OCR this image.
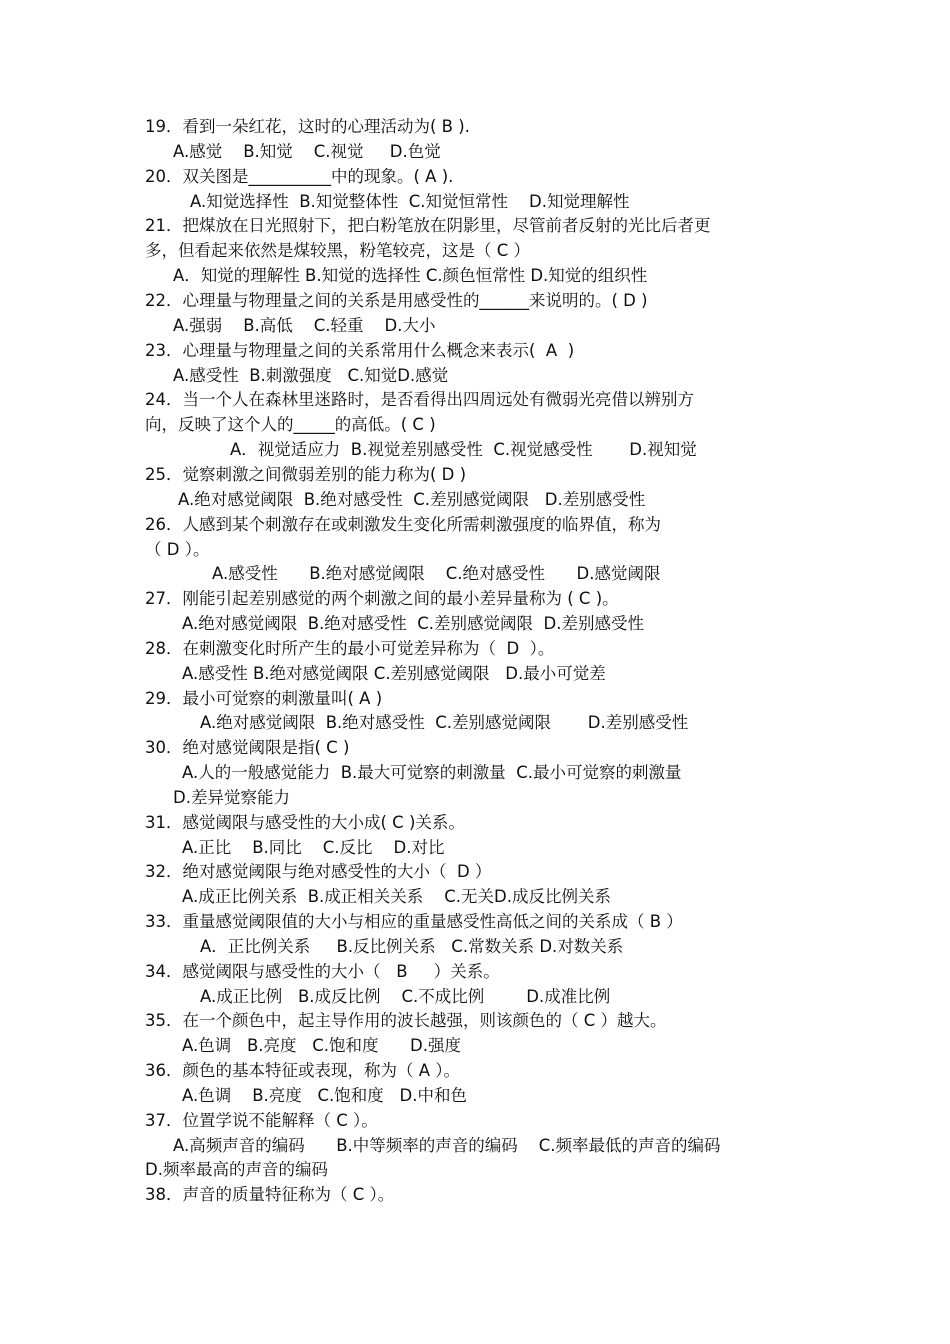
19．看到一朵红花，这时的心理活动为( B ).
A.感觉    B.知觉    C.视觉     D.色觉
20．双关图是__________中的现象。( A ).
A.知觉选择性  B.知觉整体性  C.知觉恒常性    D.知觉理解性
21．把煤放在日光照射下，把白粉笔放在阴影里，尽管前者反射的光比后者更
多，但看起来依然是煤较黑，粉笔较亮，这是（ C ）
A．知觉的理解性 B.知觉的选择性 C.颜色恒常性 D.知觉的组织性
22．心理量与物理量之间的关系是用感受性的______来说明的。( D )
A.强弱    B.高低    C.轻重    D.大小
23．心理量与物理量之间的关系常用什么概念来表示(  A  )
A.感受性  B.刺激强度   C.知觉D.感觉
24．当一个人在森林里迷路时，是否看得出四周远处有微弱光亮借以辨别方
向，反映了这个人的_____的高低。( C )
A．视觉适应力  B.视觉差别感受性  C.视觉感受性       D.视知觉
25．觉察刺激之间微弱差别的能力称为( D )
A.绝对感觉阈限  B.绝对感受性  C.差别感觉阈限   D.差别感受性
26．人感到某个刺激存在或刺激发生变化所需刺激强度的临界值，称为
（ D ）。
A.感受性      B.绝对感觉阈限    C.绝对感受性      D.感觉阈限
27．刚能引起差别感觉的两个刺激之间的最小差异量称为 ( C )。
A.绝对感觉阈限  B.绝对感受性  C.差别感觉阈限  D.差别感受性
28．在刺激变化时所产生的最小可觉差异称为（  D  ）。
A.感受性 B.绝对感觉阈限 C.差别感觉阈限   D.最小可觉差
29．最小可觉察的刺激量叫( A )
A.绝对感觉阈限  B.绝对感受性  C.差别感觉阈限       D.差别感受性
30．绝对感觉阈限是指( C )
A.人的一般感觉能力  B.最大可觉察的刺激量  C.最小可觉察的刺激量
D.差异觉察能力
31．感觉阈限与感受性的大小成( C )关系。
A.正比    B.同比    C.反比    D.对比
32．绝对感觉阈限与绝对感受性的大小（  D ）
A.成正比例关系  B.成正相关关系    C.无关D.成反比例关系
33．重量感觉阈限值的大小与相应的重量感受性高低之间的关系成（ B ）
A．正比例关系     B.反比例关系   C.常数关系 D.对数关系
34．感觉阈限与感受性的大小（   B     ）关系。
A.成正比例   B.成反比例    C.不成比例        D.成准比例
35．在一个颜色中，起主导作用的波长越强，则该颜色的（ C ）越大。
A.色调   B.亮度   C.饱和度      D.强度
36．颜色的基本特征或表现，称为（ A ）。
A.色调    B.亮度   C.饱和度   D.中和色
37．位置学说不能解释（ C ）。
A.高频声音的编码      B.中等频率的声音的编码    C.频率最低的声音的编码
D.频率最高的声音的编码
38．声音的质量特征称为（ C ）。
